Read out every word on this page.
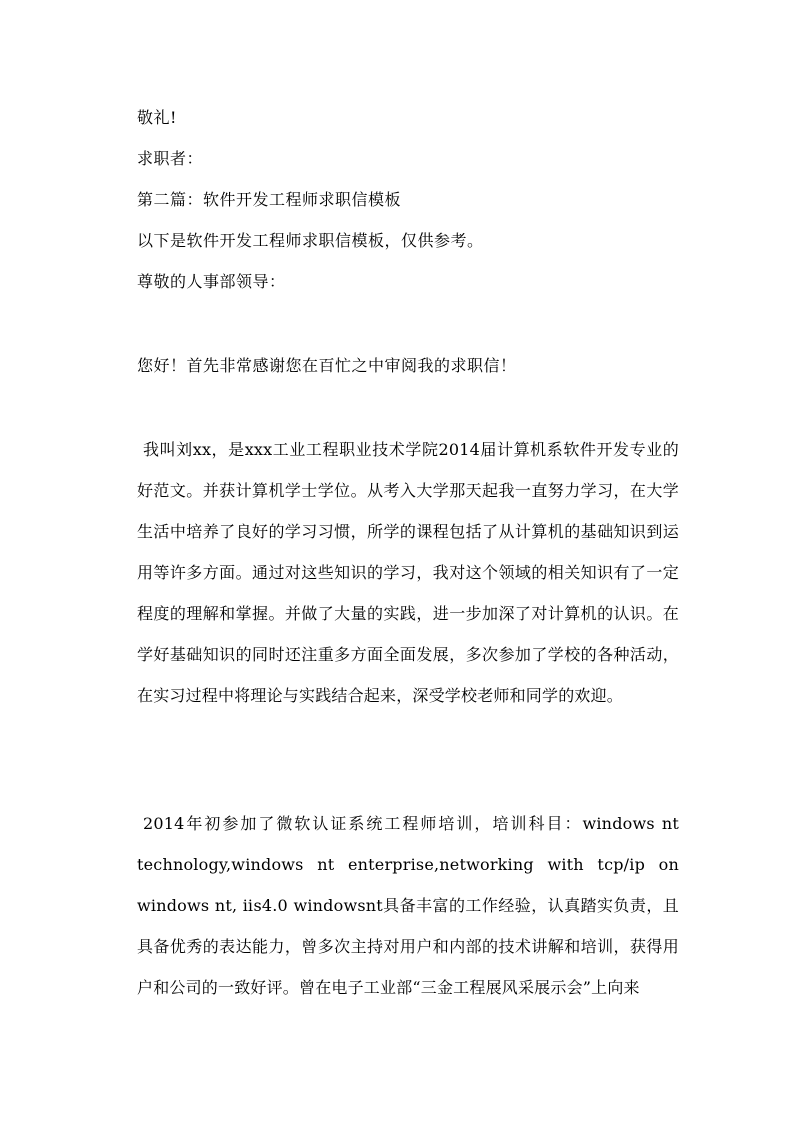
敬礼!
求职者：
第二篇：软件开发工程师求职信模板
以下是软件开发工程师求职信模板，仅供参考。
尊敬的人事部领导：
您好！首先非常感谢您在百忙之中审阅我的求职信！

我叫刘xx，是xxx工业工程职业技术学院2014届计算机系软件开发专业的好范文。并获计算机学士学位。从考入大学那天起我一直努力学习，在大学生活中培养了良好的学习习惯，所学的课程包括了从计算机的基础知识到运用等许多方面。通过对这些知识的学习，我对这个领域的相关知识有了一定程度的理解和掌握。并做了大量的实践，进一步加深了对计算机的认识。在学好基础知识的同时还注重多方面全面发展，多次参加了学校的各种活动，在实习过程中将理论与实践结合起来，深受学校老师和同学的欢迎。

2014年初参加了微软认证系统工程师培训，培训科目：windows nt technology,windows nt enterprise,networking with tcp/ip on windows nt, ⅱs4.0 windowsnt具备丰富的工作经验，认真踏实负责，且具备优秀的表达能力，曾多次主持对用户和内部的技术讲解和培训，获得用户和公司的一致好评。曾在电子工业部“三金工程展风采展示会”上向来
